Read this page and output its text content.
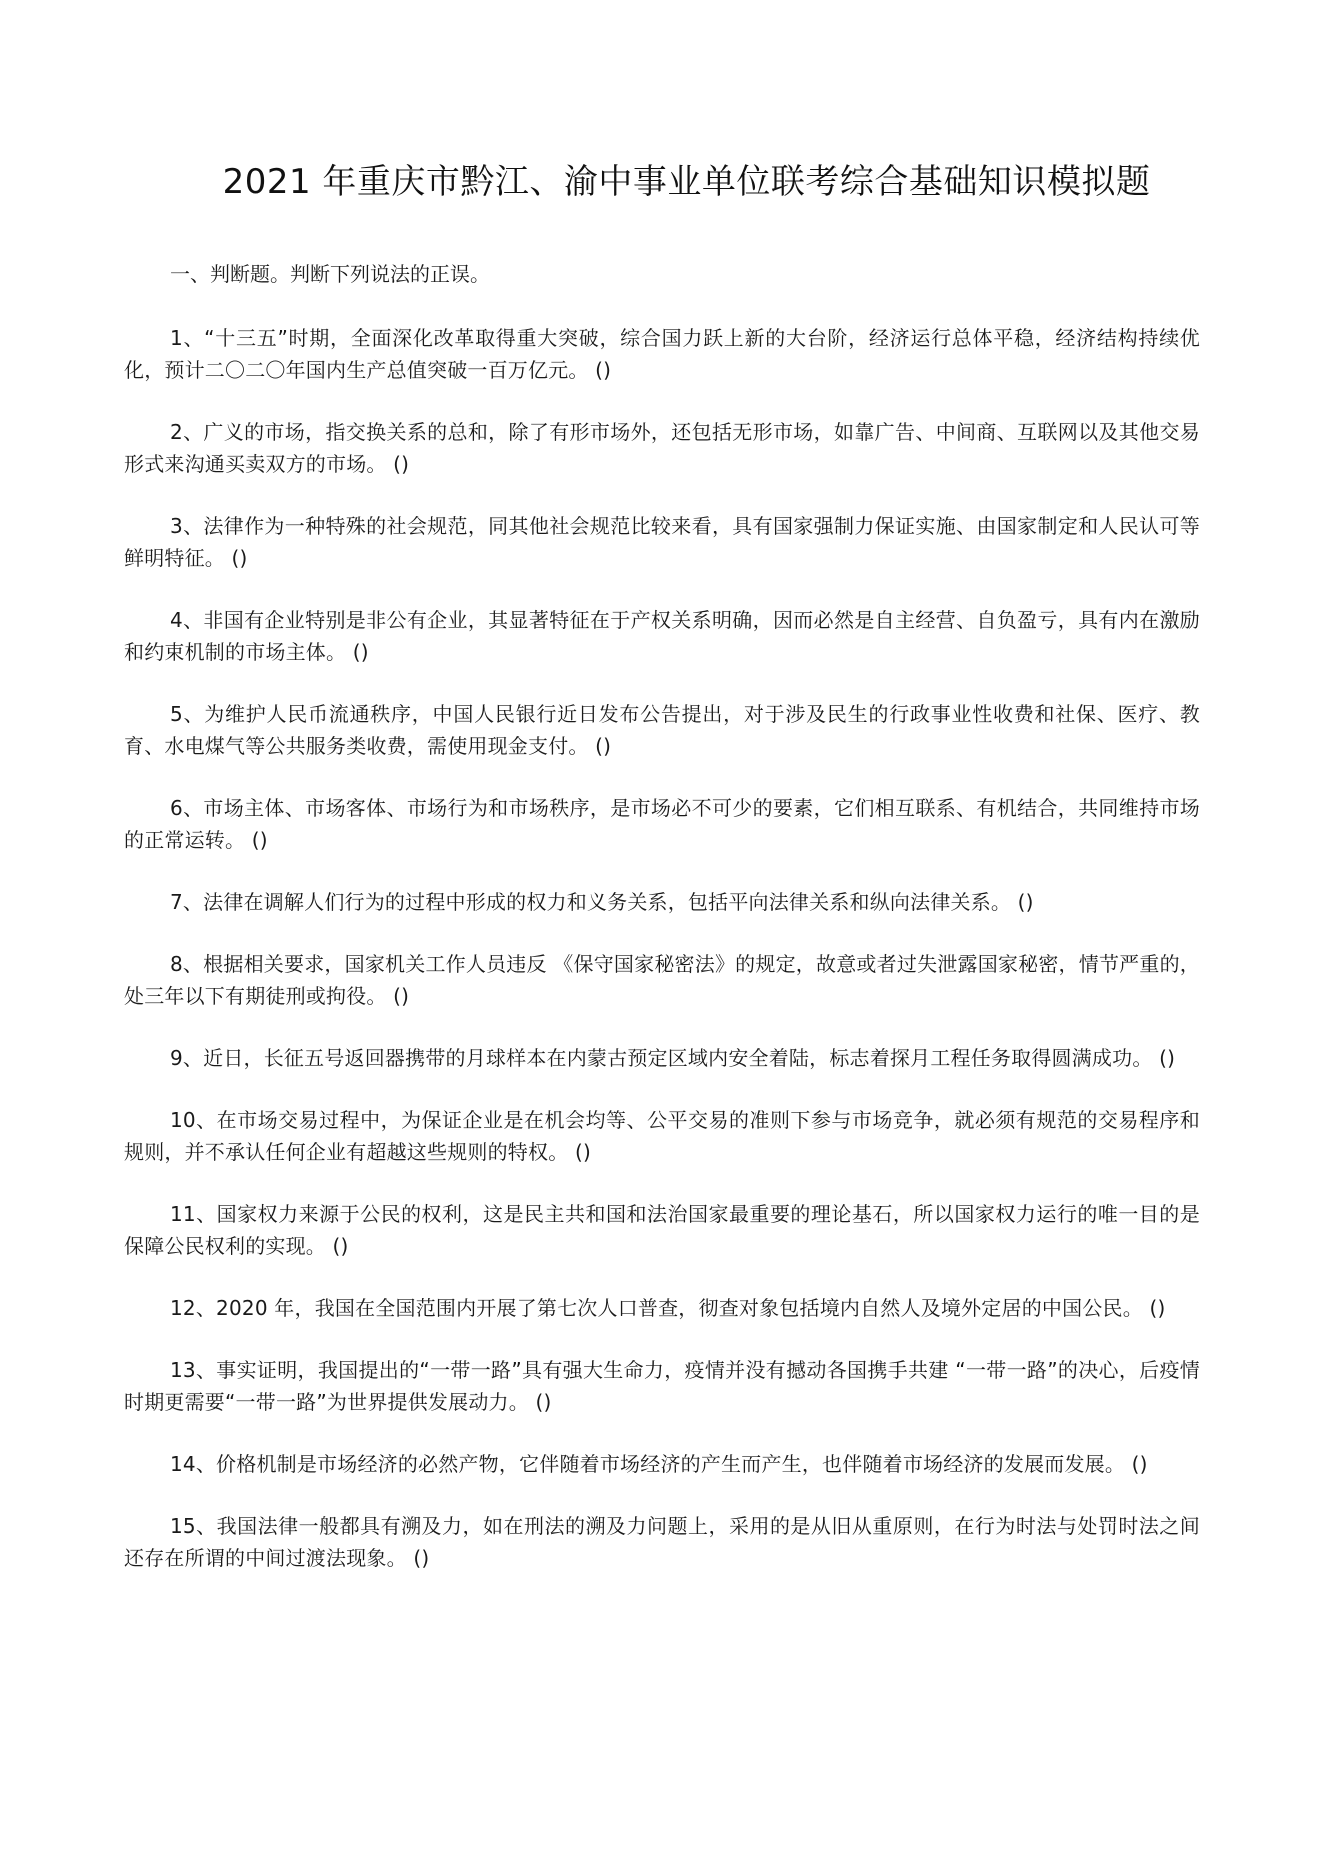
2021 年重庆市黔江、渝中事业单位联考综合基础知识模拟题
一、判断题。判断下列说法的正误。

1、“十三五”时期，全面深化改革取得重大突破，综合国力跃上新的大台阶，经济运行总体平稳，经济结构持续优化，预计二〇二〇年国内生产总值突破一百万亿元。 ()

2、广义的市场，指交换关系的总和，除了有形市场外，还包括无形市场，如靠广告、中间商、互联网以及其他交易形式来沟通买卖双方的市场。 ()

3、法律作为一种特殊的社会规范，同其他社会规范比较来看，具有国家强制力保证实施、由国家制定和人民认可等鲜明特征。 ()

4、非国有企业特别是非公有企业，其显著特征在于产权关系明确，因而必然是自主经营、自负盈亏，具有内在激励和约束机制的市场主体。 ()

5、为维护人民币流通秩序，中国人民银行近日发布公告提出，对于涉及民生的行政事业性收费和社保、医疗、教育、水电煤气等公共服务类收费，需使用现金支付。 ()

6、市场主体、市场客体、市场行为和市场秩序，是市场必不可少的要素，它们相互联系、有机结合，共同维持市场的正常运转。 ()

7、法律在调解人们行为的过程中形成的权力和义务关系，包括平向法律关系和纵向法律关系。 ()

8、根据相关要求，国家机关工作人员违反 《保守国家秘密法》的规定，故意或者过失泄露国家秘密，情节严重的，处三年以下有期徒刑或拘役。 ()

9、近日，长征五号返回器携带的月球样本在内蒙古预定区域内安全着陆，标志着探月工程任务取得圆满成功。 ()

10、在市场交易过程中，为保证企业是在机会均等、公平交易的准则下参与市场竞争，就必须有规范的交易程序和规则，并不承认任何企业有超越这些规则的特权。 ()

11、国家权力来源于公民的权利，这是民主共和国和法治国家最重要的理论基石，所以国家权力运行的唯一目的是保障公民权利的实现。 ()

12、2020 年，我国在全国范围内开展了第七次人口普查，彻查对象包括境内自然人及境外定居的中国公民。 ()

13、事实证明，我国提出的“一带一路”具有强大生命力，疫情并没有撼动各国携手共建 “一带一路”的决心，后疫情时期更需要“一带一路”为世界提供发展动力。 ()

14、价格机制是市场经济的必然产物，它伴随着市场经济的产生而产生，也伴随着市场经济的发展而发展。 ()

15、我国法律一般都具有溯及力，如在刑法的溯及力问题上，采用的是从旧从重原则，在行为时法与处罚时法之间还存在所谓的中间过渡法现象。 ()
